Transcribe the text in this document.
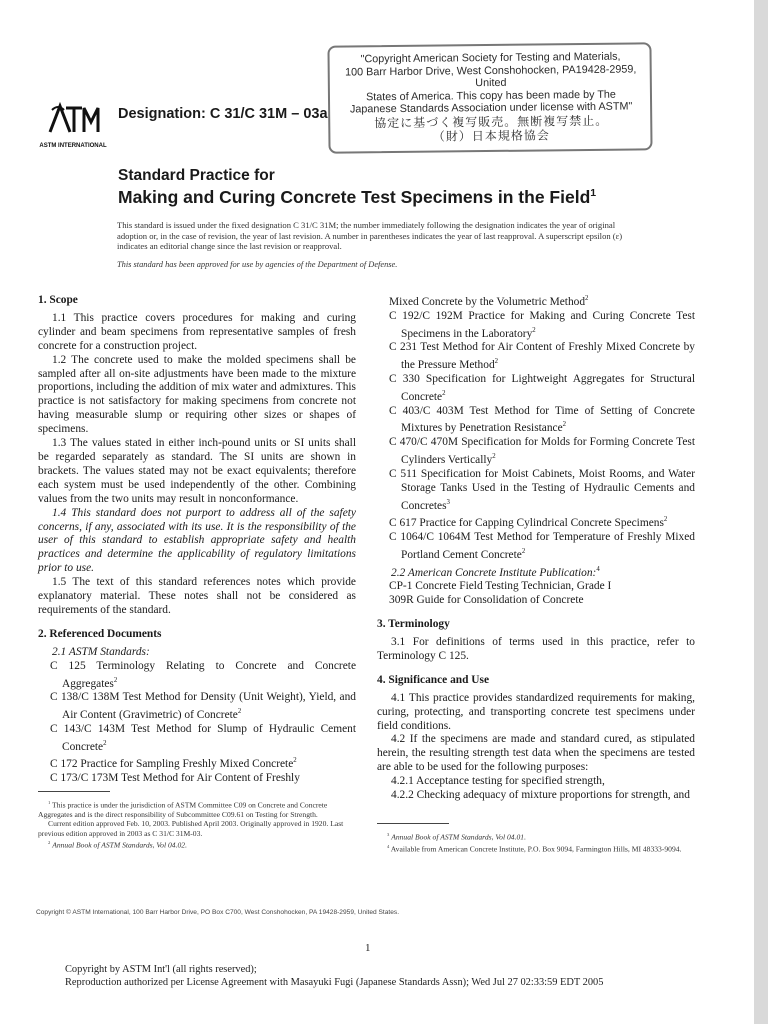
ASTM INTERNATIONAL
Designation: C 31/C 31M – 03a
"Copyright American Society for Testing and Materials,
100 Barr Harbor Drive, West Conshohocken, PA19428-2959, United
States of America. This copy has been made by The
Japanese Standards Association under license with ASTM"
協定に基づく複写販売。無断複写禁止。
（財）日本規格協会
Standard Practice for
Making and Curing Concrete Test Specimens in the Field$^1$
This standard is issued under the fixed designation C 31/C 31M; the number immediately following the designation indicates the year of original adoption or, in the case of revision, the year of last revision. A number in parentheses indicates the year of last reapproval. A superscript epsilon (ε) indicates an editorial change since the last revision or reapproval.
This standard has been approved for use by agencies of the Department of Defense.

1. Scope

1.1 This practice covers procedures for making and curing cylinder and beam specimens from representative samples of fresh concrete for a construction project.

1.2 The concrete used to make the molded specimens shall be sampled after all on-site adjustments have been made to the mixture proportions, including the addition of mix water and admixtures. This practice is not satisfactory for making specimens from concrete not having measurable slump or requiring other sizes or shapes of specimens.

1.3 The values stated in either inch-pound units or SI units shall be regarded separately as standard. The SI units are shown in brackets. The values stated may not be exact equivalents; therefore each system must be used independently of the other. Combining values from the two units may result in nonconformance.

1.4 This standard does not purport to address all of the safety concerns, if any, associated with its use. It is the responsibility of the user of this standard to establish appropriate safety and health practices and determine the applicability of regulatory limitations prior to use.

1.5 The text of this standard references notes which provide explanatory material. These notes shall not be considered as requirements of the standard.

2. Referenced Documents

2.1 ASTM Standards:

C 125 Terminology Relating to Concrete and Concrete Aggregates$^2$

C 138/C 138M Test Method for Density (Unit Weight), Yield, and Air Content (Gravimetric) of Concrete$^2$

C 143/C 143M Test Method for Slump of Hydraulic Cement Concrete$^2$

C 172 Practice for Sampling Freshly Mixed Concrete$^2$

C 173/C 173M Test Method for Air Content of Freshly

Mixed Concrete by the Volumetric Method$^2$

C 192/C 192M Practice for Making and Curing Concrete Test Specimens in the Laboratory$^2$

C 231 Test Method for Air Content of Freshly Mixed Concrete by the Pressure Method$^2$

C 330 Specification for Lightweight Aggregates for Structural Concrete$^2$

C 403/C 403M Test Method for Time of Setting of Concrete Mixtures by Penetration Resistance$^2$

C 470/C 470M Specification for Molds for Forming Concrete Test Cylinders Vertically$^2$

C 511 Specification for Moist Cabinets, Moist Rooms, and Water Storage Tanks Used in the Testing of Hydraulic Cements and Concretes$^3$

C 617 Practice for Capping Cylindrical Concrete Specimens$^2$

C 1064/C 1064M Test Method for Temperature of Freshly Mixed Portland Cement Concrete$^2$

2.2 American Concrete Institute Publication:$^4$

CP-1 Concrete Field Testing Technician, Grade I

309R Guide for Consolidation of Concrete

3. Terminology

3.1 For definitions of terms used in this practice, refer to Terminology C 125.

4. Significance and Use

4.1 This practice provides standardized requirements for making, curing, protecting, and transporting concrete test specimens under field conditions.

4.2 If the specimens are made and standard cured, as stipulated herein, the resulting strength test data when the specimens are tested are able to be used for the following purposes:

4.2.1 Acceptance testing for specified strength,

4.2.2 Checking adequacy of mixture proportions for strength, and

$^1$ This practice is under the jurisdiction of ASTM Committee C09 on Concrete and Concrete Aggregates and is the direct responsibility of Subcommittee C09.61 on Testing for Strength.
Current edition approved Feb. 10, 2003. Published April 2003. Originally approved in 1920. Last previous edition approved in 2003 as C 31/C 31M-03.
$^2$ Annual Book of ASTM Standards, Vol 04.02.
$^3$ Annual Book of ASTM Standards, Vol 04.01.
$^4$ Available from American Concrete Institute, P.O. Box 9094, Farmington Hills, MI 48333-9094.
Copyright © ASTM International, 100 Barr Harbor Drive, PO Box C700, West Conshohocken, PA 19428-2959, United States.
1
Copyright by ASTM Int'l (all rights reserved);
Reproduction authorized per License Agreement with Masayuki Fugi (Japanese Standards Assn); Wed Jul 27 02:33:59 EDT 2005
